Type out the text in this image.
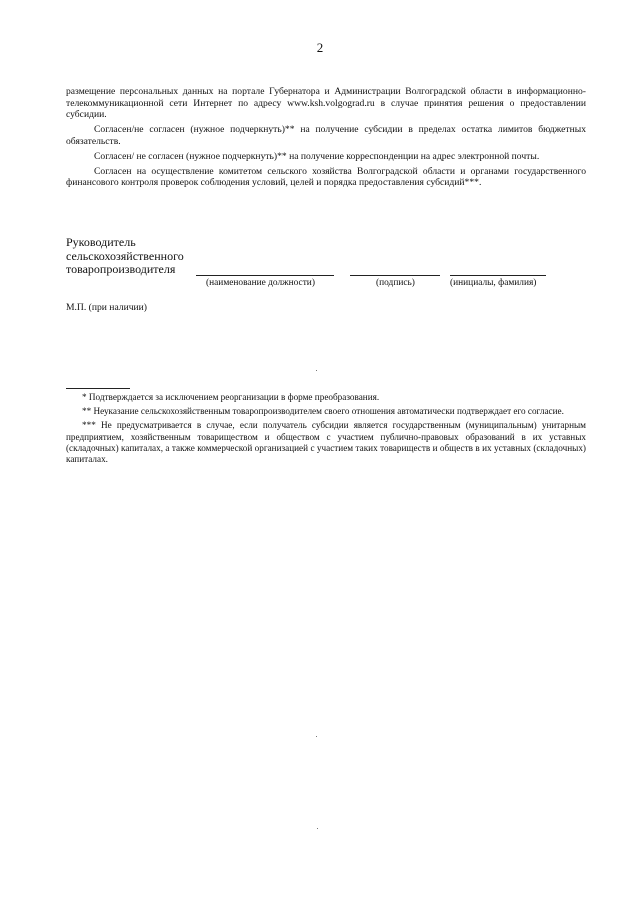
2

размещение персональных данных на портале Губернатора и Администрации Волгоградской области в информационно-телекоммуникационной сети Интернет по адресу www.ksh.volgograd.ru в случае принятия решения о предоставлении субсидии.

Согласен/не согласен (нужное подчеркнуть)** на получение субсидии в пределах остатка лимитов бюджетных обязательств.

Согласен/ не согласен (нужное подчеркнуть)** на получение корреспонденции на адрес электронной почты.

Согласен на осуществление комитетом сельского хозяйства Волгоградской области и органами государственного финансового контроля проверок соблюдения условий, целей и порядка предоставления субсидий***.

Руководитель
сельскохозяйственного
товаропроизводителя
(наименование должности)	(подпись)	(инициалы, фамилия)
М.П. (при наличии)

* Подтверждается за исключением реорганизации в форме преобразования.

** Неуказание сельскохозяйственным товаропроизводителем своего отношения автоматически подтверждает его согласие.

*** Не предусматривается в случае, если получатель субсидии является государственным (муниципальным) унитарным предприятием, хозяйственным товариществом и обществом с участием публично-правовых образований в их уставных (складочных) капиталах, а также коммерческой организацией с участием таких товариществ и обществ в их уставных (складочных) капиталах.
